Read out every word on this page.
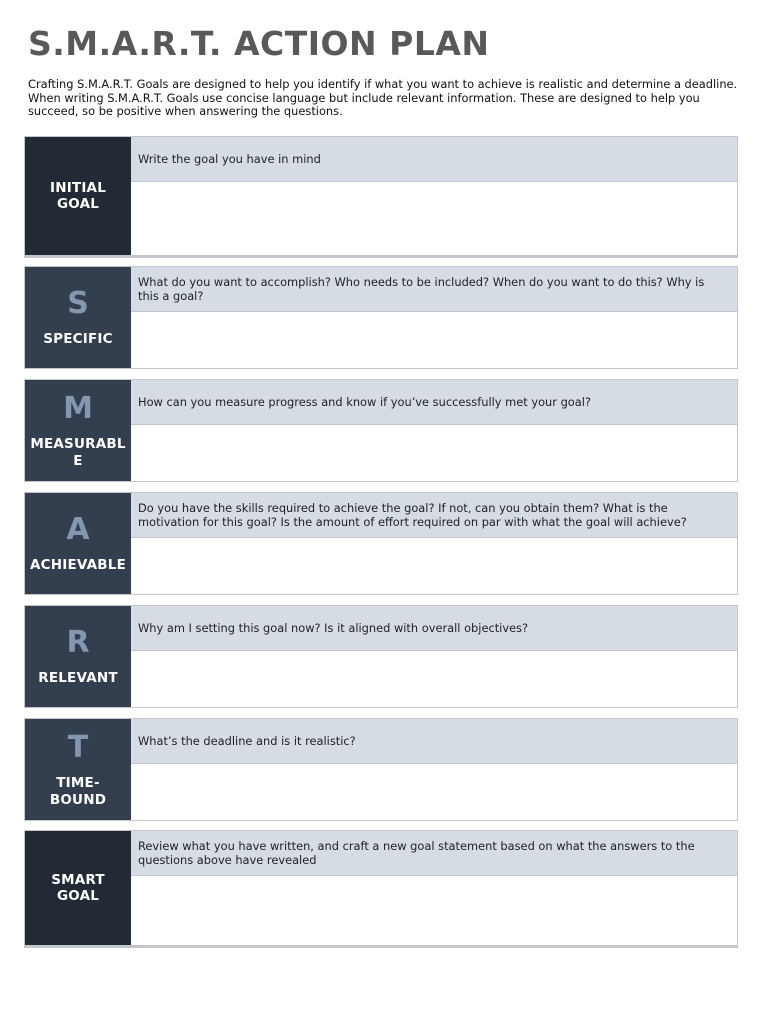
S.M.A.R.T. ACTION PLAN

Crafting S.M.A.R.T. Goals are designed to help you identify if what you want to achieve is realistic and determine a deadline. When writing S.M.A.R.T. Goals use concise language but include relevant information. These are designed to help you succeed, so be positive when answering the questions.

INITIAL GOAL
Write the goal you have in mind
S
SPECIFIC
What do you want to accomplish? Who needs to be included? When do you want to do this? Why is this a goal?
M
MEASURABLE
How can you measure progress and know if you’ve successfully met your goal?
A
ACHIEVABLE
Do you have the skills required to achieve the goal? If not, can you obtain them? What is the motivation for this goal? Is the amount of effort required on par with what the goal will achieve?
R
RELEVANT
Why am I setting this goal now? Is it aligned with overall objectives?
T
TIME-BOUND
What’s the deadline and is it realistic?
SMART GOAL
Review what you have written, and craft a new goal statement based on what the answers to the questions above have revealed
